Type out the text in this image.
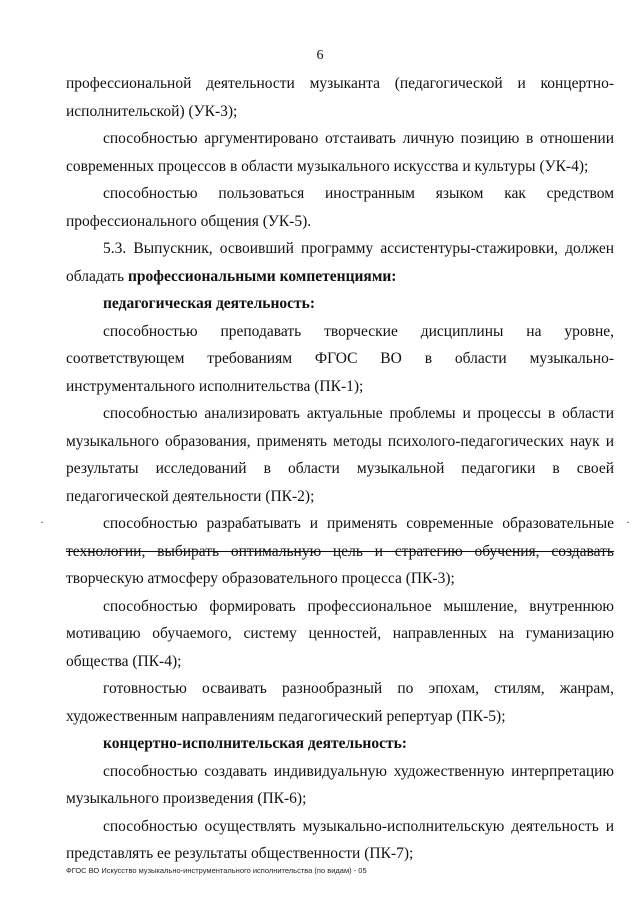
6

профессиональной деятельности музыканта (педагогической и концертно-исполнительской) (УК-3);

способностью аргументировано отстаивать личную позицию в отношении современных процессов в области музыкального искусства и культуры (УК-4);

способностью пользоваться иностранным языком как средством профессионального общения (УК-5).

5.3. Выпускник, освоивший программу ассистентуры-стажировки, должен обладать профессиональными компетенциями:

педагогическая деятельность:

способностью преподавать творческие дисциплины на уровне, соответствующем требованиям ФГОС ВО в области музыкально-инструментального исполнительства (ПК-1);

способностью анализировать актуальные проблемы и процессы в области музыкального образования, применять методы психолого-педагогических наук и результаты исследований в области музыкальной педагогики в своей педагогической деятельности (ПК-2);

способностью разрабатывать и применять современные образовательные технологии, выбирать оптимальную цель и стратегию обучения, создавать творческую атмосферу образовательного процесса (ПК-3);

способностью формировать профессиональное мышление, внутреннюю мотивацию обучаемого, систему ценностей, направленных на гуманизацию общества (ПК-4);

готовностью осваивать разнообразный по эпохам, стилям, жанрам, художественным направлениям педагогический репертуар (ПК-5);

концертно-исполнительская деятельность:

способностью создавать индивидуальную художественную интерпретацию музыкального произведения (ПК-6);

способностью осуществлять музыкально-исполнительскую деятельность и представлять ее результаты общественности (ПК-7);

·	·
ФГОС ВО Искусство музыкально-инструментального исполнительства (по видам) - 05
